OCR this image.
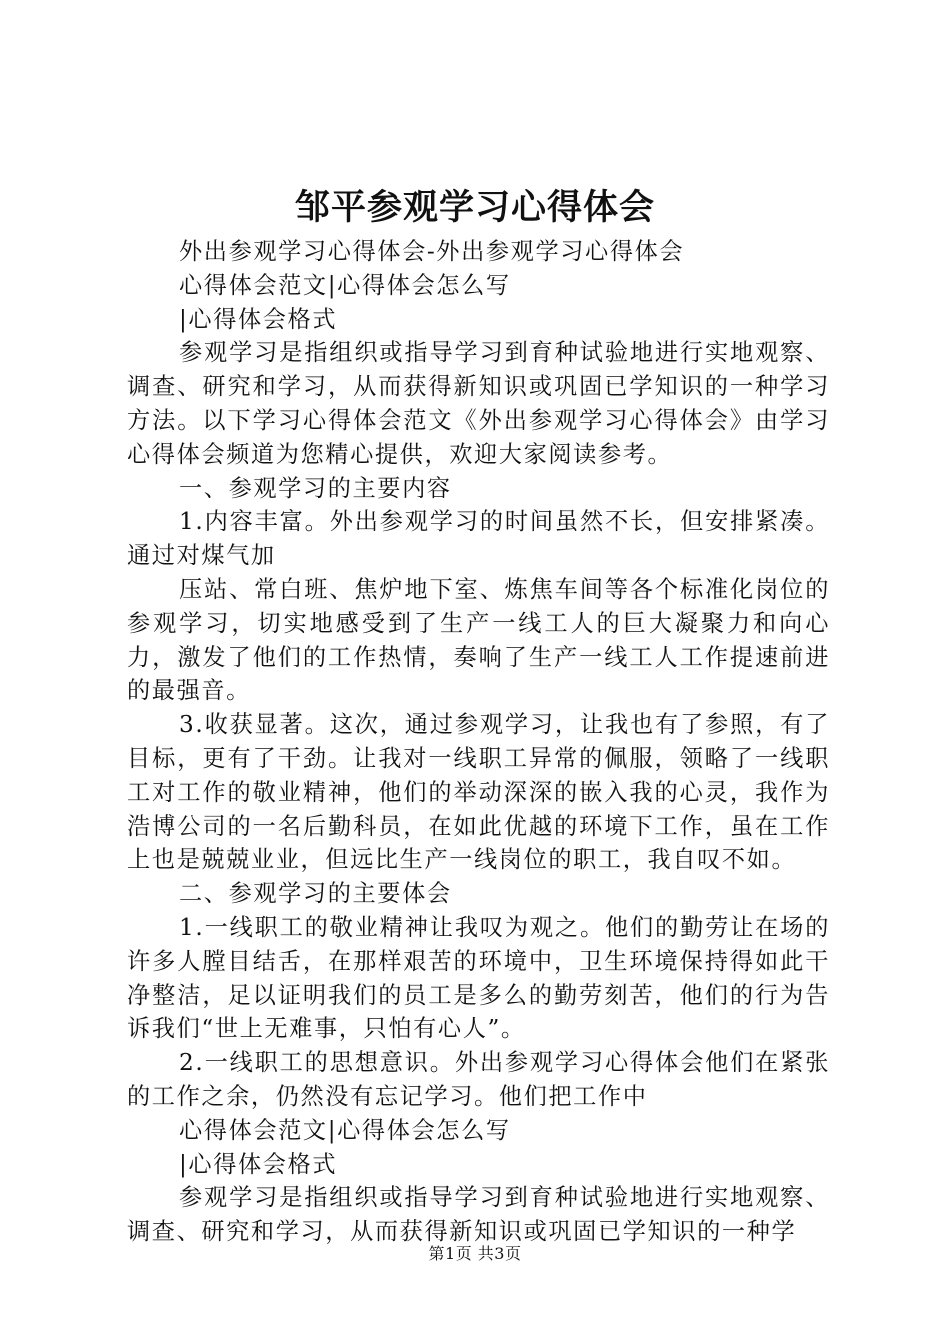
邹平参观学习心得体会

外出参观学习心得体会-外出参观学习心得体会

心得体会范文|心得体会怎么写

|心得体会格式

参观学习是指组织或指导学习到育种试验地进行实地观察、调查、研究和学习，从而获得新知识或巩固已学知识的一种学习方法。以下学习心得体会范文《外出参观学习心得体会》由学习心得体会频道为您精心提供，欢迎大家阅读参考。

一、参观学习的主要内容

1.内容丰富。外出参观学习的时间虽然不长，但安排紧凑。通过对煤气加

压站、常白班、焦炉地下室、炼焦车间等各个标准化岗位的参观学习，切实地感受到了生产一线工人的巨大凝聚力和向心力，激发了他们的工作热情，奏响了生产一线工人工作提速前进的最强音。

3.收获显著。这次，通过参观学习，让我也有了参照，有了目标，更有了干劲。让我对一线职工异常的佩服，领略了一线职工对工作的敬业精神，他们的举动深深的嵌入我的心灵，我作为浩博公司的一名后勤科员，在如此优越的环境下工作，虽在工作上也是兢兢业业，但远比生产一线岗位的职工，我自叹不如。

二、参观学习的主要体会

1.一线职工的敬业精神让我叹为观之。他们的勤劳让在场的许多人膛目结舌，在那样艰苦的环境中，卫生环境保持得如此干净整洁，足以证明我们的员工是多么的勤劳刻苦，他们的行为告诉我们“世上无难事，只怕有心人”。

2.一线职工的思想意识。外出参观学习心得体会他们在紧张的工作之余，仍然没有忘记学习。他们把工作中

心得体会范文|心得体会怎么写

|心得体会格式

参观学习是指组织或指导学习到育种试验地进行实地观察、调查、研究和学习，从而获得新知识或巩固已学知识的一种学

第1页 共3页
